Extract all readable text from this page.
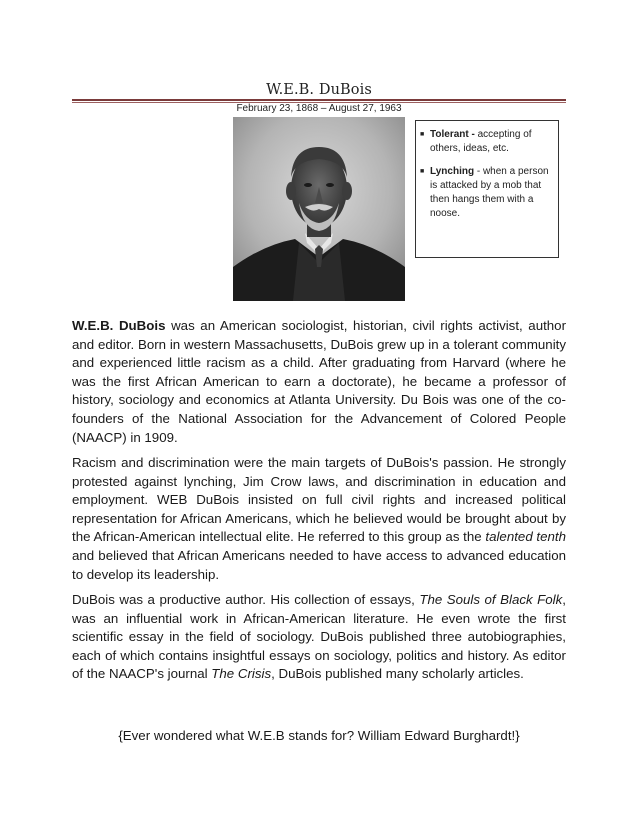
W.E.B. DuBois
February 23, 1868 – August 27, 1963
■ Tolerant - accepting of others, ideas, etc.
■ Lynching - when a person is attacked by a mob that then hangs them with a noose.
W.E.B. DuBois was an American sociologist, historian, civil rights activist, author and editor. Born in western Massachusetts, DuBois grew up in a tolerant community and experienced little racism as a child. After graduating from Harvard (where he was the first African American to earn a doctorate), he became a professor of history, sociology and economics at Atlanta University. Du Bois was one of the co-founders of the National Association for the Advancement of Colored People (NAACP) in 1909.
Racism and discrimination were the main targets of DuBois's passion. He strongly protested against lynching, Jim Crow laws, and discrimination in education and employment. WEB DuBois insisted on full civil rights and increased political representation for African Americans, which he believed would be brought about by the African-American intellectual elite. He referred to this group as the talented tenth and believed that African Americans needed to have access to advanced education to develop its leadership.
DuBois was a productive author. His collection of essays, The Souls of Black Folk, was an influential work in African-American literature. He even wrote the first scientific essay in the field of sociology. DuBois published three autobiographies, each of which contains insightful essays on sociology, politics and history. As editor of the NAACP's journal The Crisis, DuBois published many scholarly articles.
{Ever wondered what W.E.B stands for? William Edward Burghardt!}
